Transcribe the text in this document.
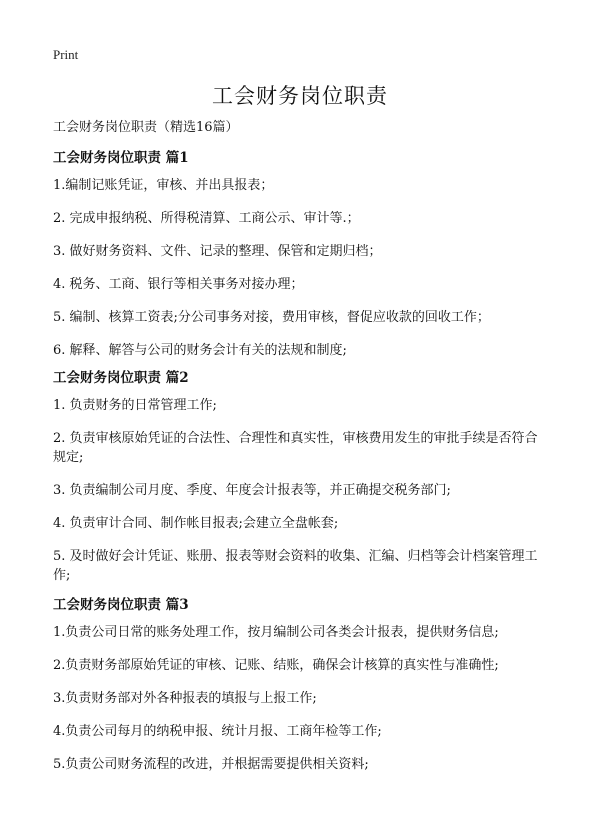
Print
工会财务岗位职责

工会财务岗位职责（精选16篇）

工会财务岗位职责 篇1

1.编制记账凭证，审核、并出具报表；

2. 完成申报纳税、所得税清算、工商公示、审计等.；

3. 做好财务资料、文件、记录的整理、保管和定期归档；

4. 税务、工商、银行等相关事务对接办理；

5. 编制、核算工资表;分公司事务对接，费用审核，督促应收款的回收工作；

6. 解释、解答与公司的财务会计有关的法规和制度;

工会财务岗位职责 篇2

1. 负责财务的日常管理工作;

2. 负责审核原始凭证的合法性、合理性和真实性，审核费用发生的审批手续是否符合规定;

3. 负责编制公司月度、季度、年度会计报表等，并正确提交税务部门;

4. 负责审计合同、制作帐目报表;会建立全盘帐套;

5. 及时做好会计凭证、账册、报表等财会资料的收集、汇编、归档等会计档案管理工作;

工会财务岗位职责 篇3

1.负责公司日常的账务处理工作，按月编制公司各类会计报表，提供财务信息;

2.负责财务部原始凭证的审核、记账、结账，确保会计核算的真实性与准确性;

3.负责财务部对外各种报表的填报与上报工作;

4.负责公司每月的纳税申报、统计月报、工商年检等工作;

5.负责公司财务流程的改进，并根据需要提供相关资料;
